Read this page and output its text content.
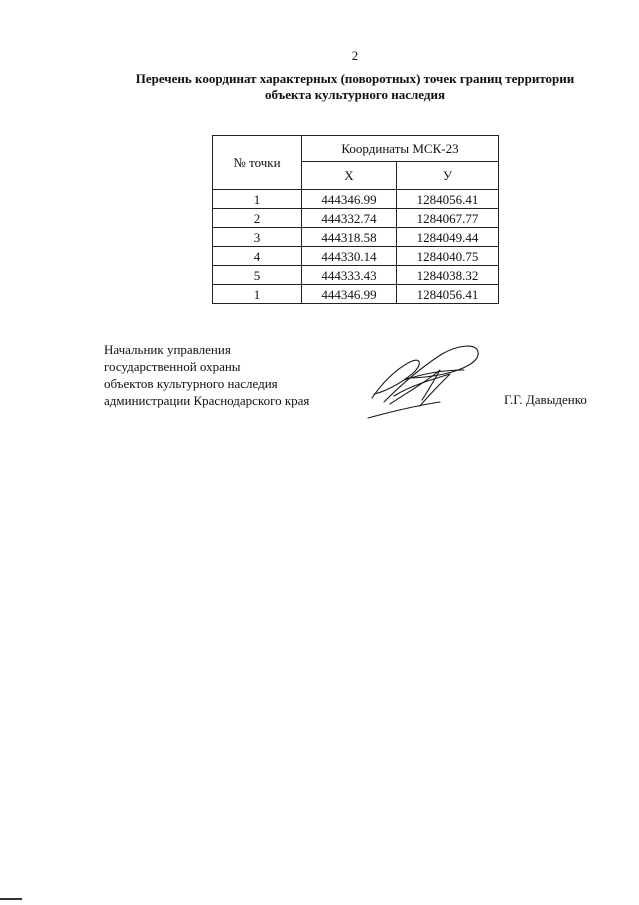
2
Перечень координат характерных (поворотных) точек границ территории
объекта культурного наследия
№ точки	Координаты МСК-23	
	Х	У
1	444346.99	1284056.41
2	444332.74	1284067.77
3	444318.58	1284049.44
4	444330.14	1284040.75
5	444333.43	1284038.32
1	444346.99	1284056.41
Начальник управления
государственной охраны
объектов культурного наследия
администрации Краснодарского края	Г.Г. Давыденко
